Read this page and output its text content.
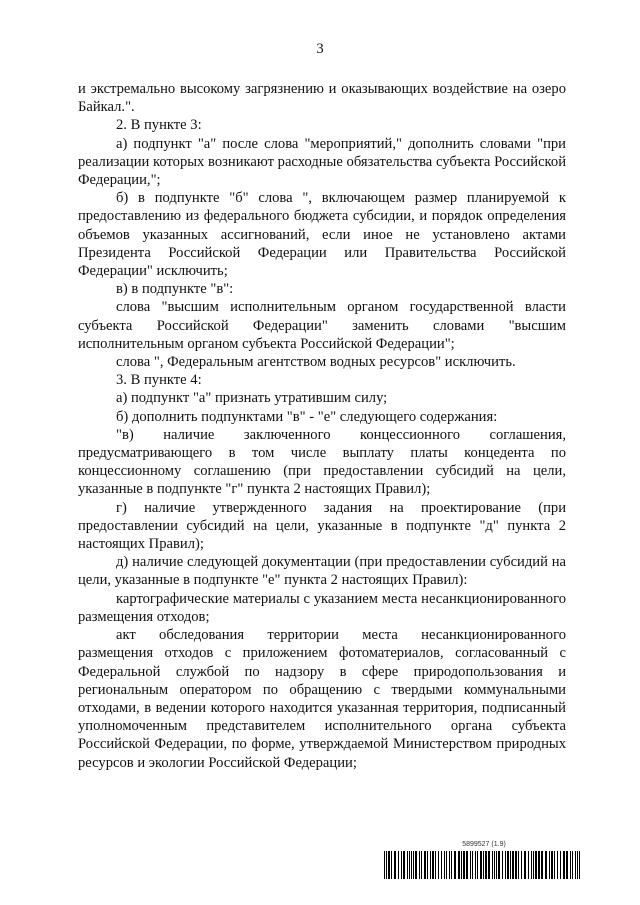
3

и экстремально высокому загрязнению и оказывающих воздействие на озеро Байкал.".

2. В пункте 3:

а) подпункт "а" после слова "мероприятий," дополнить словами "при реализации которых возникают расходные обязательства субъекта Российской Федерации,";

б) в подпункте "б" слова ", включающем размер планируемой к предоставлению из федерального бюджета субсидии, и порядок определения объемов указанных ассигнований, если иное не установлено актами Президента Российской Федерации или Правительства Российской Федерации" исключить;

в) в подпункте "в":

слова "высшим исполнительным органом государственной власти субъекта Российской Федерации" заменить словами "высшим исполнительным органом субъекта Российской Федерации";

слова ", Федеральным агентством водных ресурсов" исключить.

3. В пункте 4:

а) подпункт "а" признать утратившим силу;

б) дополнить подпунктами "в" - "е" следующего содержания:

"в) наличие заключенного концессионного соглашения, предусматривающего в том числе выплату платы концедента по концессионному соглашению (при предоставлении субсидий на цели, указанные в подпункте "г" пункта 2 настоящих Правил);

г) наличие утвержденного задания на проектирование (при предоставлении субсидий на цели, указанные в подпункте "д" пункта 2 настоящих Правил);

д) наличие следующей документации (при предоставлении субсидий на цели, указанные в подпункте "е" пункта 2 настоящих Правил):

картографические материалы с указанием места несанкционированного размещения отходов;

акт обследования территории места несанкционированного размещения отходов с приложением фотоматериалов, согласованный с Федеральной службой по надзору в сфере природопользования и региональным оператором по обращению с твердыми коммунальными отходами, в ведении которого находится указанная территория, подписанный уполномоченным представителем исполнительного органа субъекта Российской Федерации, по форме, утверждаемой Министерством природных ресурсов и экологии Российской Федерации;

5899527 (1.9)
